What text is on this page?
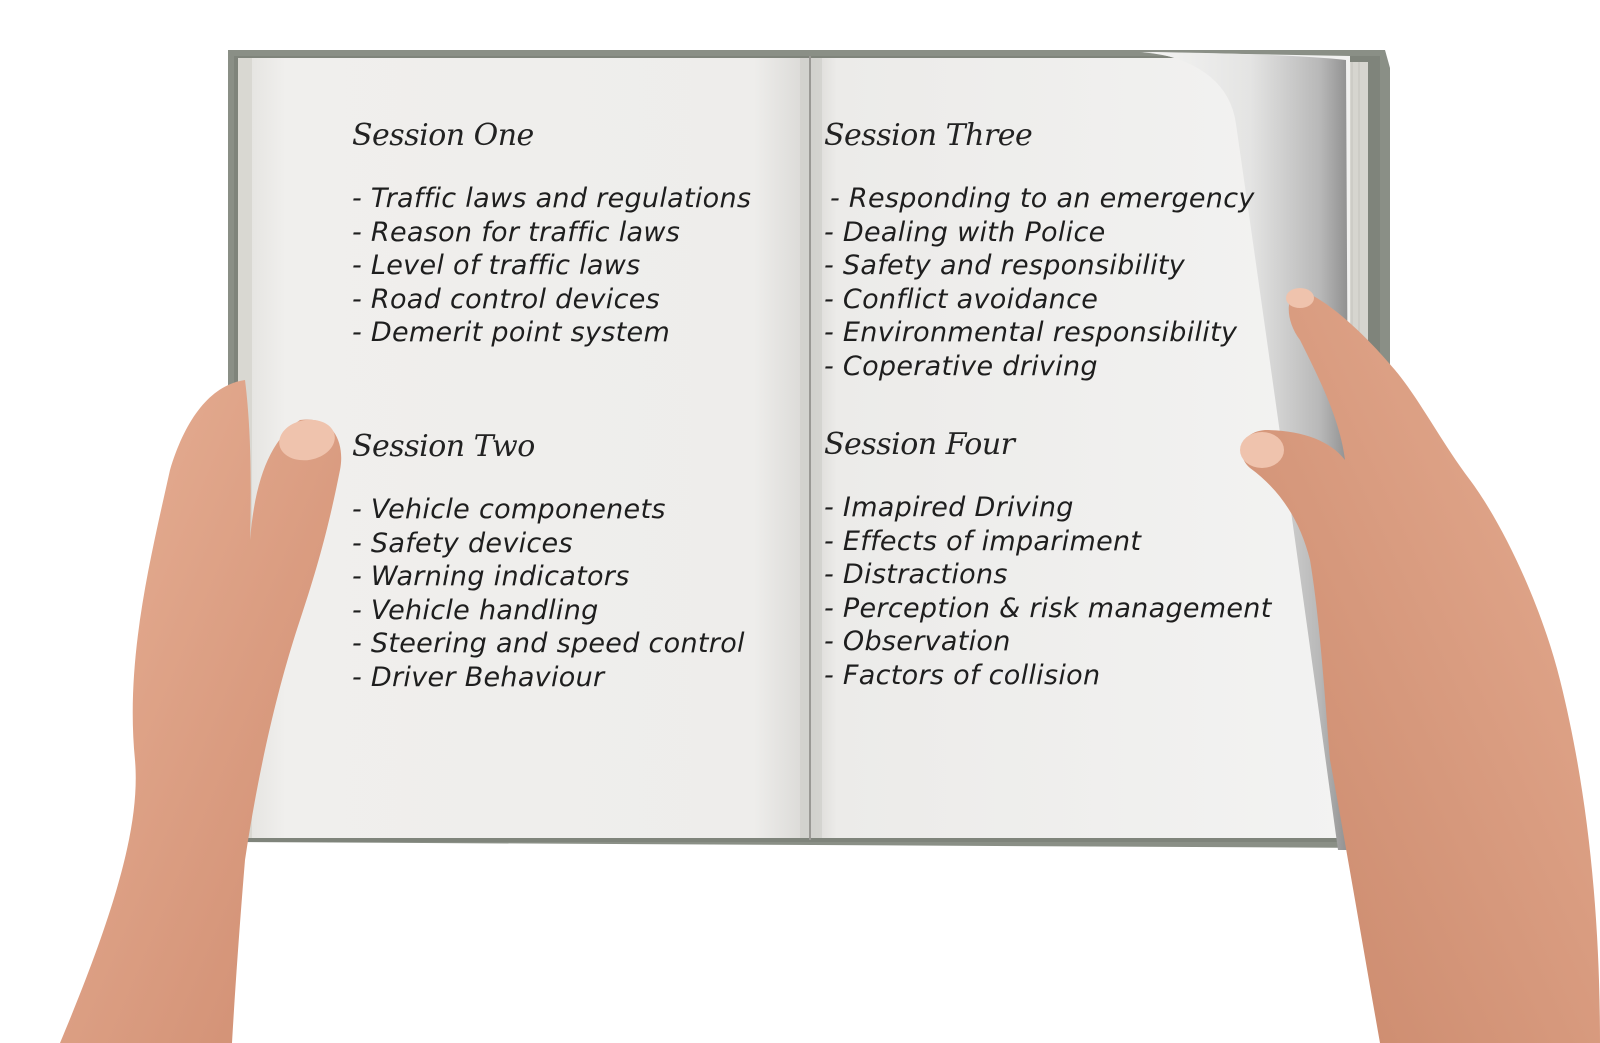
Session One
- Traffic laws and regulations
- Reason for traffic laws
- Level of traffic laws
- Road control devices
- Demerit point system
Session Two
- Vehicle componenets
- Safety devices
- Warning indicators
- Vehicle handling
- Steering and speed control
- Driver Behaviour
Session Three
- Responding to an emergency
- Dealing with Police
- Safety and responsibility
- Conflict avoidance
- Environmental responsibility
- Coperative driving
Session Four
- Imapired Driving
- Effects of impariment
- Distractions
- Perception & risk management
- Observation
- Factors of collision
